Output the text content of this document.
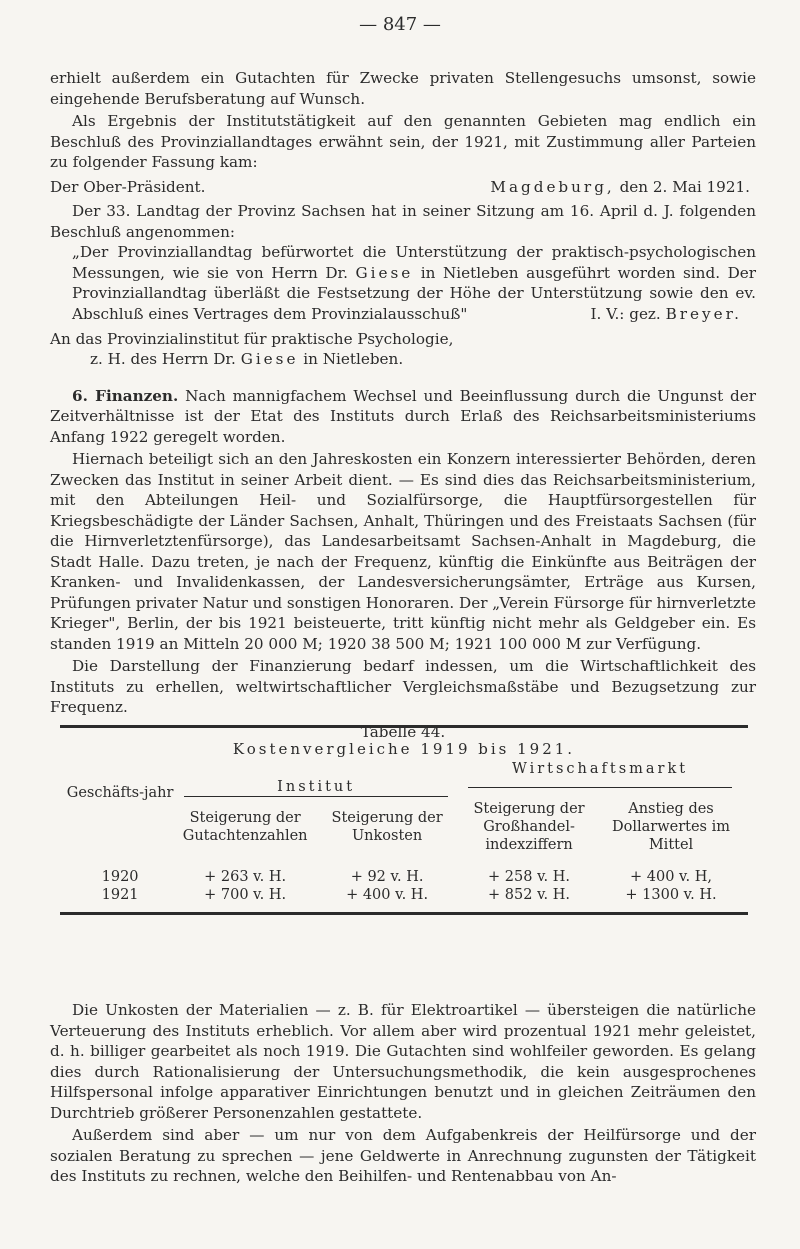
— 847 —

erhielt außerdem ein Gutachten für Zwecke privaten Stellengesuchs umsonst, sowie eingehende Berufsberatung auf Wunsch.

Als Ergebnis der Institutstätigkeit auf den genannten Gebieten mag endlich ein Beschluß des Provinziallandtages erwähnt sein, der 1921, mit Zustimmung aller Parteien zu folgender Fassung kam:

Der Ober-Präsident.	Magdeburg, den 2. Mai 1921.

Der 33. Landtag der Provinz Sachsen hat in seiner Sitzung am 16. April d. J. folgenden Beschluß angenommen:

„Der Provinziallandtag befürwortet die Unterstützung der praktisch-psychologischen Messungen, wie sie von Herrn Dr. Giese in Nietleben ausgeführt worden sind. Der Provinziallandtag überläßt die Festsetzung der Höhe der Unterstützung sowie den ev. Abschluß eines Vertrages dem Provinzialausschuß"	I. V.: gez. Breyer.

An das Provinzialinstitut für praktische Psychologie,

z. H. des Herrn Dr. Giese in Nietleben.

6. Finanzen. Nach mannigfachem Wechsel und Beeinflussung durch die Ungunst der Zeitverhältnisse ist der Etat des Instituts durch Erlaß des Reichsarbeitsministeriums Anfang 1922 geregelt worden.

Hiernach beteiligt sich an den Jahreskosten ein Konzern interessierter Behörden, deren Zwecken das Institut in seiner Arbeit dient. — Es sind dies das Reichsarbeitsministerium, mit den Abteilungen Heil- und Sozialfürsorge, die Hauptfürsorgestellen für Kriegsbeschädigte der Länder Sachsen, Anhalt, Thüringen und des Freistaats Sachsen (für die Hirnverletztenfürsorge), das Landesarbeitsamt Sachsen-Anhalt in Magdeburg, die Stadt Halle. Dazu treten, je nach der Frequenz, künftig die Einkünfte aus Beiträgen der Kranken- und Invalidenkassen, der Landesversicherungsämter, Erträge aus Kursen, Prüfungen privater Natur und sonstigen Honoraren. Der „Verein Fürsorge für hirnverletzte Krieger", Berlin, der bis 1921 beisteuerte, tritt künftig nicht mehr als Geldgeber ein. Es standen 1919 an Mitteln 20 000 M; 1920 38 500 M; 1921 100 000 M zur Verfügung.

Die Darstellung der Finanzierung bedarf indessen, um die Wirtschaftlichkeit des Instituts zu erhellen, weltwirtschaftlicher Vergleichsmaßstäbe und Bezugsetzung zur Frequenz.

Tabelle 44.
Kostenvergleiche 1919 bis 1921.
			Wirtschaftsmarkt	
Geschäfts-jahr	Institut			

	Steigerung der Gutachtenzahlen	Steigerung der Unkosten	Steigerung der Großhandel-indexziffern	Anstieg des Dollarwertes im Mittel

1920	+ 263 v. H.	+ 92 v. H.	+ 258 v. H.	+ 400 v. H,
1921	+ 700 v. H.	+ 400 v. H.	+ 852 v. H.	+ 1300 v. H.

Die Unkosten der Materialien — z. B. für Elektroartikel — übersteigen die natürliche Verteuerung des Instituts erheblich. Vor allem aber wird prozentual 1921 mehr geleistet, d. h. billiger gearbeitet als noch 1919. Die Gutachten sind wohlfeiler geworden. Es gelang dies durch Rationalisierung der Untersuchungsmethodik, die kein ausgesprochenes Hilfspersonal infolge apparativer Einrichtungen benutzt und in gleichen Zeiträumen den Durchtrieb größerer Personenzahlen gestattete.

Außerdem sind aber — um nur von dem Aufgabenkreis der Heilfürsorge und der sozialen Beratung zu sprechen — jene Geldwerte in Anrechnung zugunsten der Tätigkeit des Instituts zu rechnen, welche den Beihilfen- und Rentenabbau von An-
